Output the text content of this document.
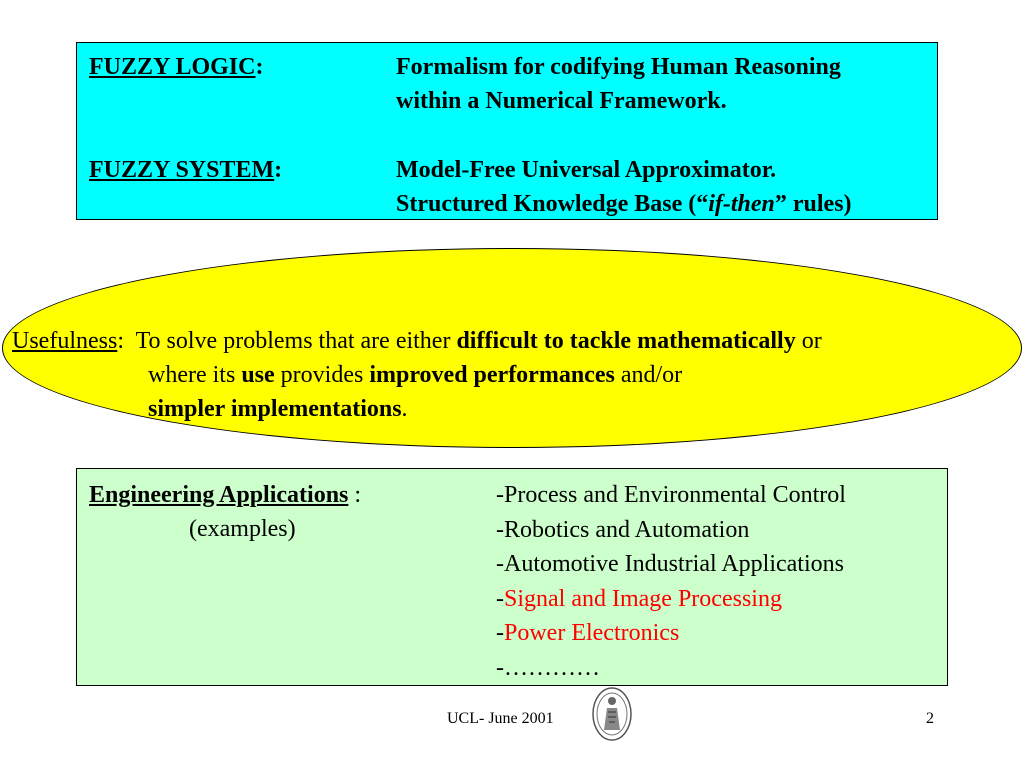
FUZZY LOGIC:	Formalism for codifying Human Reasoning
within a Numerical Framework.
FUZZY SYSTEM:	Model-Free Universal Approximator.
Structured Knowledge Base (“if-then” rules)
Usefulness:  To solve problems that are either difficult to tackle mathematically or
where its use provides improved performances and/or
simpler implementations.
Engineering Applications :
(examples)
-Process and Environmental Control
-Robotics and Automation
-Automotive Industrial Applications
-Signal and Image Processing
-Power Electronics
-…………
UCL- June 2001	2
